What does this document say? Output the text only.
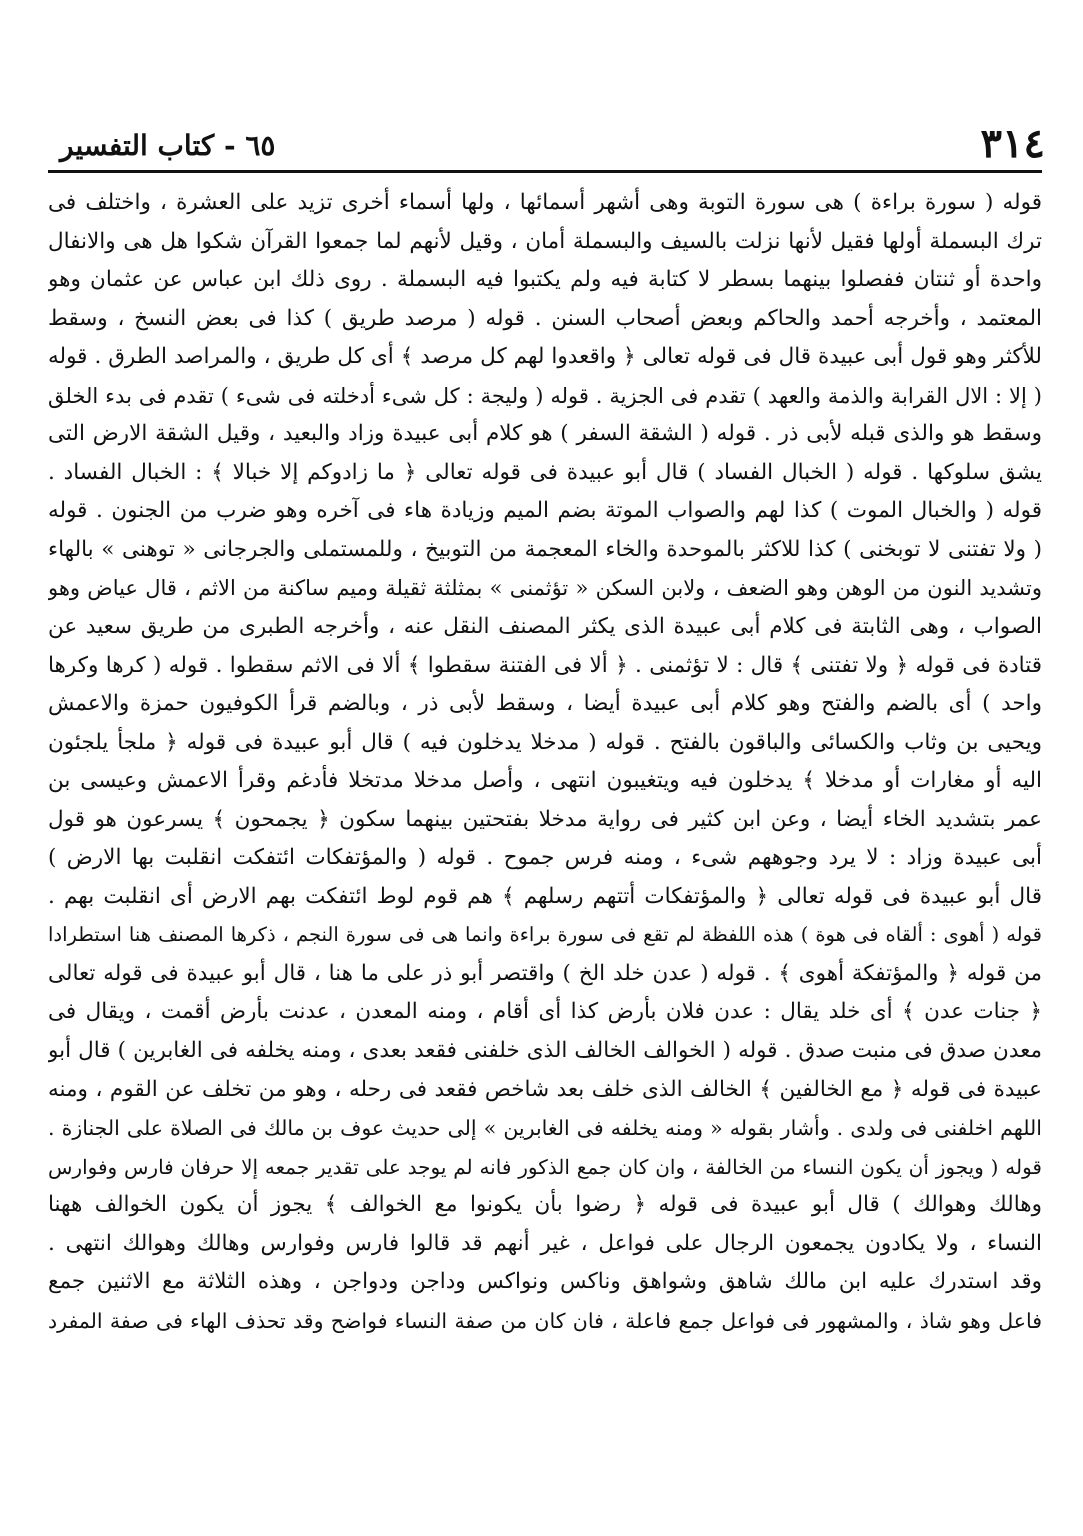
٣١٤
٦٥ - كتاب التفسير
قوله ( سورة براءة ) هى سورة التوبة وهى أشهر أسمائها ، ولها أسماء أخرى تزيد على العشرة ، واختلف فى
ترك البسملة أولها فقيل لأنها نزلت بالسيف والبسملة أمان ، وقيل لأنهم لما جمعوا القرآن شكوا هل هى والانفال
واحدة أو ثنتان ففصلوا بينهما بسطر لا كتابة فيه ولم يكتبوا فيه البسملة . روى ذلك ابن عباس عن عثمان وهو
المعتمد ، وأخرجه أحمد والحاكم وبعض أصحاب السنن . قوله ( مرصد طريق ) كذا فى بعض النسخ ، وسقط
للأكثر وهو قول أبى عبيدة قال فى قوله تعالى ﴿ واقعدوا لهم كل مرصد ﴾ أى كل طريق ، والمراصد الطرق . قوله
( إلا : الال القرابة والذمة والعهد ) تقدم فى الجزية . قوله ( وليجة : كل شىء أدخلته فى شىء ) تقدم فى بدء الخلق
وسقط هو والذى قبله لأبى ذر . قوله ( الشقة السفر ) هو كلام أبى عبيدة وزاد والبعيد ، وقيل الشقة الارض التى
يشق سلوكها . قوله ( الخبال الفساد ) قال أبو عبيدة فى قوله تعالى ﴿ ما زادوكم إلا خبالا ﴾ : الخبال الفساد .
قوله ( والخبال الموت ) كذا لهم والصواب الموتة بضم الميم وزيادة هاء فى آخره وهو ضرب من الجنون . قوله
( ولا تفتنى لا توبخنى ) كذا للاكثر بالموحدة والخاء المعجمة من التوبيخ ، وللمستملى والجرجانى « توهنى » بالهاء
وتشديد النون من الوهن وهو الضعف ، ولابن السكن « تؤثمنى » بمثلثة ثقيلة وميم ساكنة من الاثم ، قال عياض وهو
الصواب ، وهى الثابتة فى كلام أبى عبيدة الذى يكثر المصنف النقل عنه ، وأخرجه الطبرى من طريق سعيد عن
قتادة فى قوله ﴿ ولا تفتنى ﴾ قال : لا تؤثمنى . ﴿ ألا فى الفتنة سقطوا ﴾ ألا فى الاثم سقطوا . قوله ( كرها وكرها
واحد ) أى بالضم والفتح وهو كلام أبى عبيدة أيضا ، وسقط لأبى ذر ، وبالضم قرأ الكوفيون حمزة والاعمش
ويحيى بن وثاب والكسائى والباقون بالفتح . قوله ( مدخلا يدخلون فيه ) قال أبو عبيدة فى قوله ﴿ ملجأ يلجئون
اليه أو مغارات أو مدخلا ﴾ يدخلون فيه ويتغيبون انتهى ، وأصل مدخلا مدتخلا فأدغم وقرأ الاعمش وعيسى بن
عمر بتشديد الخاء أيضا ، وعن ابن كثير فى رواية مدخلا بفتحتين بينهما سكون ﴿ يجمحون ﴾ يسرعون هو قول
أبى عبيدة وزاد : لا يرد وجوههم شىء ، ومنه فرس جموح . قوله ( والمؤتفكات ائتفكت انقلبت بها الارض )
قال أبو عبيدة فى قوله تعالى ﴿ والمؤتفكات أتتهم رسلهم ﴾ هم قوم لوط ائتفكت بهم الارض أى انقلبت بهم .
قوله ( أهوى : ألقاه فى هوة ) هذه اللفظة لم تقع فى سورة براءة وانما هى فى سورة النجم ، ذكرها المصنف هنا استطرادا
من قوله ﴿ والمؤتفكة أهوى ﴾ . قوله ( عدن خلد الخ ) واقتصر أبو ذر على ما هنا ، قال أبو عبيدة فى قوله تعالى
﴿ جنات عدن ﴾ أى خلد يقال : عدن فلان بأرض كذا أى أقام ، ومنه المعدن ، عدنت بأرض أقمت ، ويقال فى
معدن صدق فى منبت صدق . قوله ( الخوالف الخالف الذى خلفنى فقعد بعدى ، ومنه يخلفه فى الغابرين ) قال أبو
عبيدة فى قوله ﴿ مع الخالفين ﴾ الخالف الذى خلف بعد شاخص فقعد فى رحله ، وهو من تخلف عن القوم ، ومنه
اللهم اخلفنى فى ولدى . وأشار بقوله « ومنه يخلفه فى الغابرين » إلى حديث عوف بن مالك فى الصلاة على الجنازة .
قوله ( ويجوز أن يكون النساء من الخالفة ، وان كان جمع الذكور فانه لم يوجد على تقدير جمعه إلا حرفان فارس وفوارس
وهالك وهوالك ) قال أبو عبيدة فى قوله ﴿ رضوا بأن يكونوا مع الخوالف ﴾ يجوز أن يكون الخوالف ههنا
النساء ، ولا يكادون يجمعون الرجال على فواعل ، غير أنهم قد قالوا فارس وفوارس وهالك وهوالك انتهى .
وقد استدرك عليه ابن مالك شاهق وشواهق وناكس ونواكس وداجن ودواجن ، وهذه الثلاثة مع الاثنين جمع
فاعل وهو شاذ ، والمشهور فى فواعل جمع فاعلة ، فان كان من صفة النساء فواضح وقد تحذف الهاء فى صفة المفرد
